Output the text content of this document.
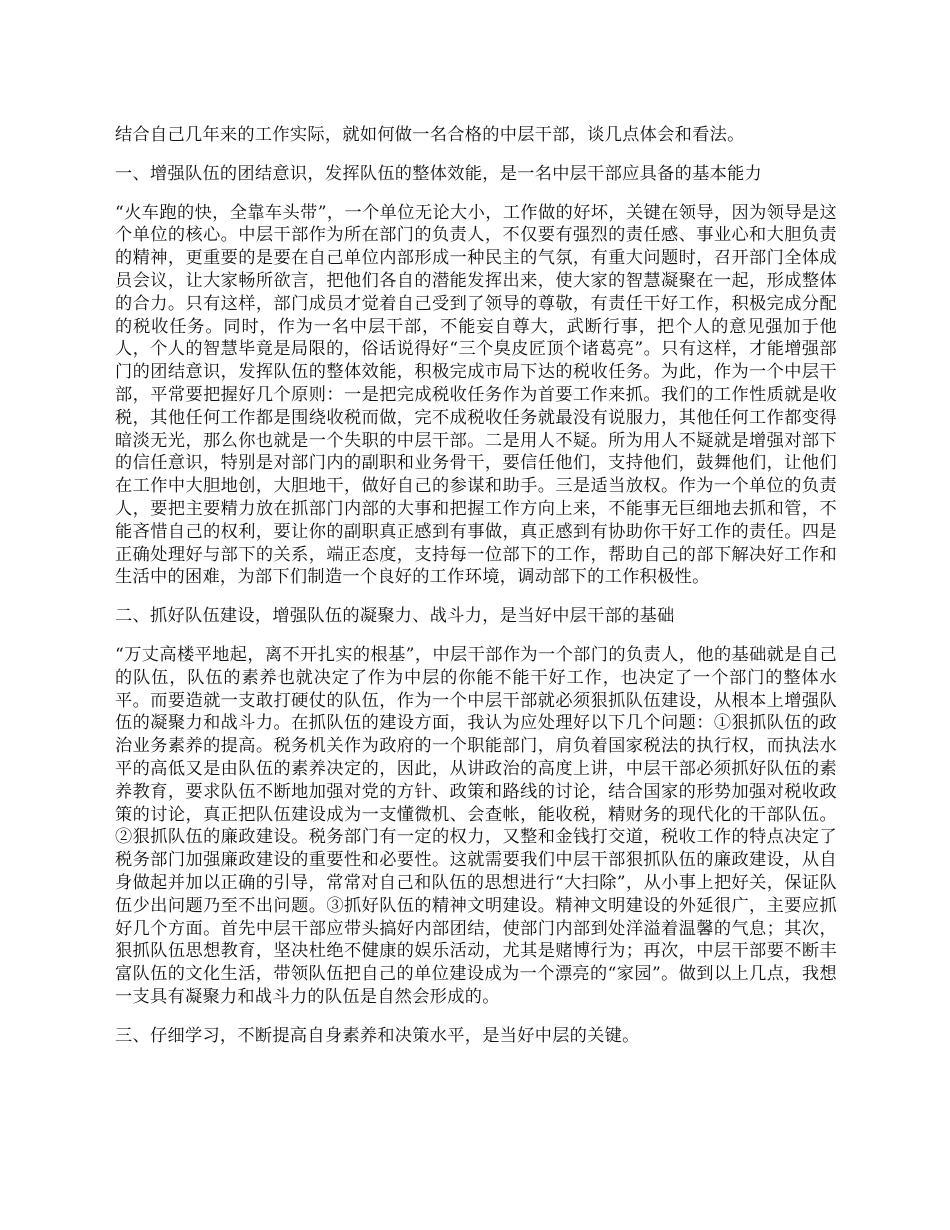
结合自己几年来的工作实际，就如何做一名合格的中层干部，谈几点体会和看法。

一、增强队伍的团结意识，发挥队伍的整体效能，是一名中层干部应具备的基本能力

“火车跑的快，全靠车头带”，一个单位无论大小，工作做的好坏，关键在领导，因为领导是这个单位的核心。中层干部作为所在部门的负责人，不仅要有强烈的责任感、事业心和大胆负责的精神，更重要的是要在自己单位内部形成一种民主的气氛，有重大问题时，召开部门全体成员会议，让大家畅所欲言，把他们各自的潜能发挥出来，使大家的智慧凝聚在一起，形成整体的合力。只有这样，部门成员才觉着自己受到了领导的尊敬，有责任干好工作，积极完成分配的税收任务。同时，作为一名中层干部，不能妄自尊大，武断行事，把个人的意见强加于他人，个人的智慧毕竟是局限的，俗话说得好“三个臭皮匠顶个诸葛亮”。只有这样，才能增强部门的团结意识，发挥队伍的整体效能，积极完成市局下达的税收任务。为此，作为一个中层干部，平常要把握好几个原则：一是把完成税收任务作为首要工作来抓。我们的工作性质就是收税，其他任何工作都是围绕收税而做，完不成税收任务就最没有说服力，其他任何工作都变得暗淡无光，那么你也就是一个失职的中层干部。二是用人不疑。所为用人不疑就是增强对部下的信任意识，特别是对部门内的副职和业务骨干，要信任他们，支持他们，鼓舞他们，让他们在工作中大胆地创，大胆地干，做好自己的参谋和助手。三是适当放权。作为一个单位的负责人，要把主要精力放在抓部门内部的大事和把握工作方向上来，不能事无巨细地去抓和管，不能吝惜自己的权利，要让你的副职真正感到有事做，真正感到有协助你干好工作的责任。四是正确处理好与部下的关系，端正态度，支持每一位部下的工作，帮助自己的部下解决好工作和生活中的困难，为部下们制造一个良好的工作环境，调动部下的工作积极性。

二、抓好队伍建设，增强队伍的凝聚力、战斗力，是当好中层干部的基础

“万丈高楼平地起，离不开扎实的根基”，中层干部作为一个部门的负责人，他的基础就是自己的队伍，队伍的素养也就决定了作为中层的你能不能干好工作，也决定了一个部门的整体水平。而要造就一支敢打硬仗的队伍，作为一个中层干部就必须狠抓队伍建设，从根本上增强队伍的凝聚力和战斗力。在抓队伍的建设方面，我认为应处理好以下几个问题：①狠抓队伍的政治业务素养的提高。税务机关作为政府的一个职能部门，肩负着国家税法的执行权，而执法水平的高低又是由队伍的素养决定的，因此，从讲政治的高度上讲，中层干部必须抓好队伍的素养教育，要求队伍不断地加强对党的方针、政策和路线的讨论，结合国家的形势加强对税收政策的讨论，真正把队伍建设成为一支懂微机、会查帐，能收税，精财务的现代化的干部队伍。②狠抓队伍的廉政建设。税务部门有一定的权力，又整和金钱打交道，税收工作的特点决定了税务部门加强廉政建设的重要性和必要性。这就需要我们中层干部狠抓队伍的廉政建设，从自身做起并加以正确的引导，常常对自己和队伍的思想进行“大扫除”，从小事上把好关，保证队伍少出问题乃至不出问题。③抓好队伍的精神文明建设。精神文明建设的外延很广，主要应抓好几个方面。首先中层干部应带头搞好内部团结，使部门内部到处洋溢着温馨的气息；其次，狠抓队伍思想教育，坚决杜绝不健康的娱乐活动，尤其是赌博行为；再次，中层干部要不断丰富队伍的文化生活，带领队伍把自己的单位建设成为一个漂亮的“家园”。做到以上几点，我想一支具有凝聚力和战斗力的队伍是自然会形成的。

三、仔细学习，不断提高自身素养和决策水平，是当好中层的关键。
